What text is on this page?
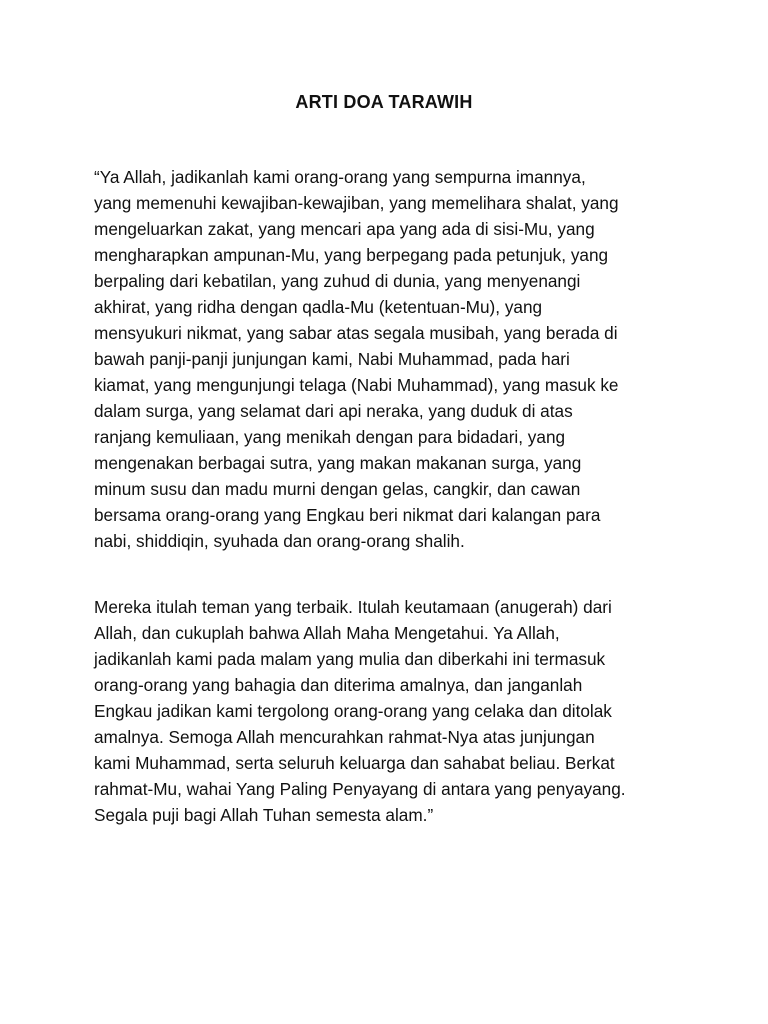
ARTI DOA TARAWIH
“Ya Allah, jadikanlah kami orang-orang yang sempurna imannya,
yang memenuhi kewajiban-kewajiban, yang memelihara shalat, yang
mengeluarkan zakat, yang mencari apa yang ada di sisi-Mu, yang
mengharapkan ampunan-Mu, yang berpegang pada petunjuk, yang
berpaling dari kebatilan, yang zuhud di dunia, yang menyenangi
akhirat, yang ridha dengan qadla-Mu (ketentuan-Mu), yang
mensyukuri nikmat, yang sabar atas segala musibah, yang berada di
bawah panji-panji junjungan kami, Nabi Muhammad, pada hari
kiamat, yang mengunjungi telaga (Nabi Muhammad), yang masuk ke
dalam surga, yang selamat dari api neraka, yang duduk di atas
ranjang kemuliaan, yang menikah dengan para bidadari, yang
mengenakan berbagai sutra, yang makan makanan surga, yang
minum susu dan madu murni dengan gelas, cangkir, dan cawan
bersama orang-orang yang Engkau beri nikmat dari kalangan para
nabi, shiddiqin, syuhada dan orang-orang shalih.
Mereka itulah teman yang terbaik. Itulah keutamaan (anugerah) dari
Allah, dan cukuplah bahwa Allah Maha Mengetahui. Ya Allah,
jadikanlah kami pada malam yang mulia dan diberkahi ini termasuk
orang-orang yang bahagia dan diterima amalnya, dan janganlah
Engkau jadikan kami tergolong orang-orang yang celaka dan ditolak
amalnya. Semoga Allah mencurahkan rahmat-Nya atas junjungan
kami Muhammad, serta seluruh keluarga dan sahabat beliau. Berkat
rahmat-Mu, wahai Yang Paling Penyayang di antara yang penyayang.
Segala puji bagi Allah Tuhan semesta alam.”
